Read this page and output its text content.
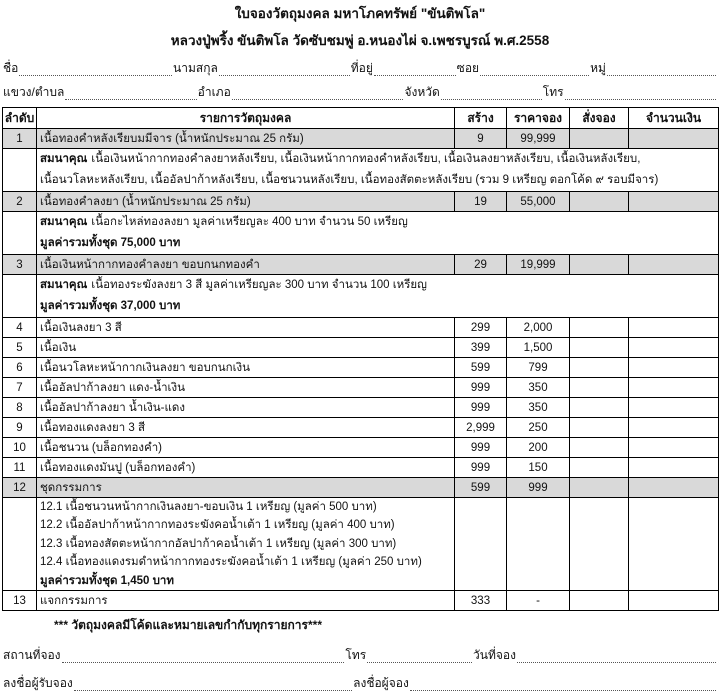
ใบจองวัตถุมงคล มหาโภคทรัพย์ "ขันติพโล"
หลวงปู่พริ้ง ขันติพโล วัดซับชมพู่ อ.หนองไผ่ จ.เพชรบูรณ์ พ.ศ.2558
ชื่อ	นามสกุล	ที่อยู่	ซอย	หมู่
แขวง/ตำบล	อำเภอ	จังหวัด	โทร
ลำดับ	รายการวัตถุมงคล	สร้าง	ราคาจอง	สั่งจอง	จำนวนเงิน
1	เนื้อทองคำหลังเรียบมมีจาร (น้ำหนักประมาณ 25 กรัม)	9	99,999		

	สมนาคุณ เนื้อเงินหน้ากากทองคำลงยาหลังเรียบ, เนื้อเงินหน้ากากทองคำหลังเรียบ, เนื้อเงินลงยาหลังเรียบ, เนื้อเงินหลังเรียบ,
เนื้อนวโลหะหลังเรียบ, เนื้ออัลปาก้าหลังเรียบ, เนื้อชนวนหลังเรียบ, เนื้อทองสัตตะหลังเรียบ (รวม 9 เหรียญ ตอกโค้ด ๙ รอบมีจาร)				

2	เนื้อทองคำลงยา (น้ำหนักประมาณ 25 กรัม)	19	55,000		

	สมนาคุณ เนื้อกะไหล่ทองลงยา มูลค่าเหรียญละ 400 บาท จำนวน 50 เหรียญ
มูลค่ารวมทั้งชุด 75,000 บาท				

3	เนื้อเงินหน้ากากทองคำลงยา ขอบกนกทองคำ	29	19,999		

	สมนาคุณ เนื้อทองระฆังลงยา 3 สี มูลค่าเหรียญละ 300 บาท จำนวน 100 เหรียญ
มูลค่ารวมทั้งชุด 37,000 บาท				

4	เนื้อเงินลงยา 3 สี	299	2,000		
5	เนื้อเงิน	399	1,500		
6	เนื้อนวโลหะหน้ากากเงินลงยา ขอบกนกเงิน	599	799		
7	เนื้ออัลปาก้าลงยา แดง-น้ำเงิน	999	350		
8	เนื้ออัลปาก้าลงยา น้ำเงิน-แดง	999	350		
9	เนื้อทองแดงลงยา 3 สี	2,999	250		
10	เนื้อชนวน (บล็อกทองคำ)	999	200		
11	เนื้อทองแดงมันปู (บล็อกทองคำ)	999	150		
12	ชุดกรรมการ	599	999		

	12.1 เนื้อชนวนหน้ากากเงินลงยา-ขอบเงิน 1 เหรียญ (มูลค่า 500 บาท)
12.2 เนื้ออัลปาก้าหน้ากากทองระฆังคอน้ำเต้า 1 เหรียญ (มูลค่า 400 บาท)
12.3 เนื้อทองสัตตะหน้ากากอัลปาก้าคอน้ำเต้า 1 เหรียญ (มูลค่า 300 บาท)
12.4 เนื้อทองแดงรมดำหน้ากากทองระฆังคอน้ำเต้า 1 เหรียญ (มูลค่า 250 บาท)
มูลค่ารวมทั้งชุด 1,450 บาท				

13	แจกกรรมการ	333	-		
*** วัตถุมงคลมีโค้ดและหมายเลขกำกับทุกรายการ***
สถานที่จอง	โทร	วันที่จอง
ลงชื่อผู้รับจอง	ลงชื่อผู้จอง
